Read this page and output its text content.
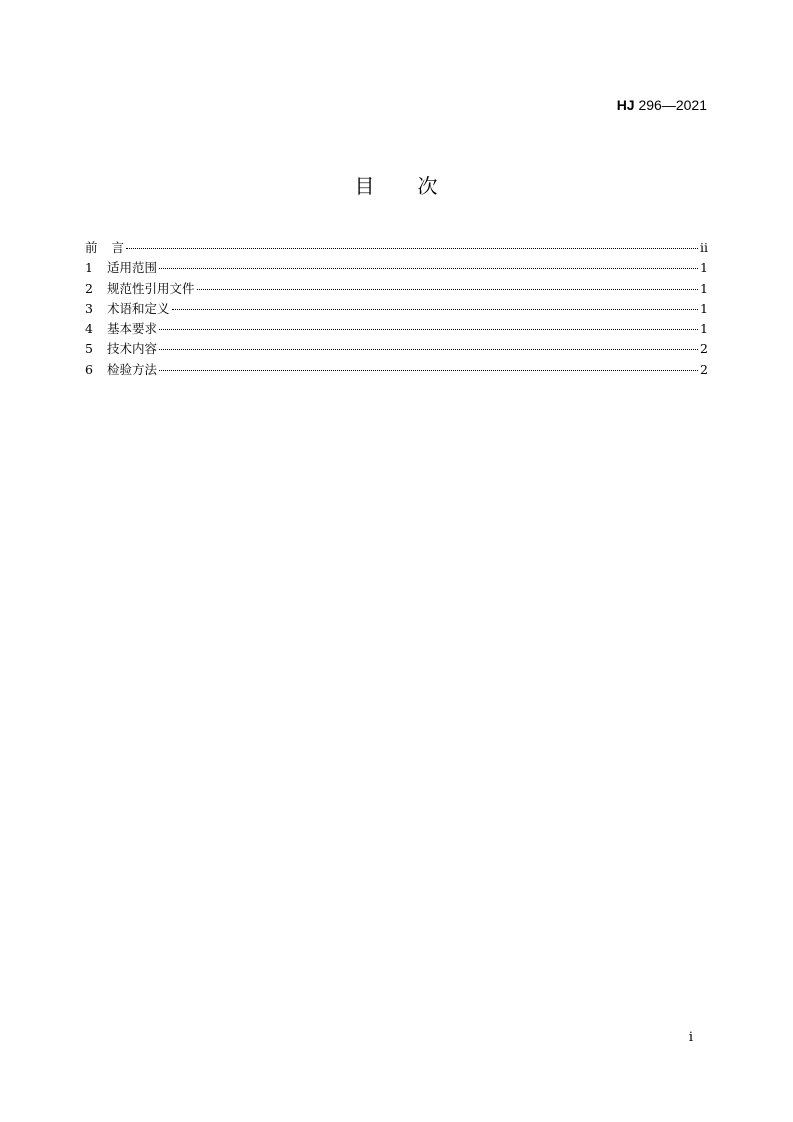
HJ 296—2021
目 次
前言	ii
1	适用范围	1
2	规范性引用文件	1
3	术语和定义	1
4	基本要求	1
5	技术内容	2
6	检验方法	2
i
